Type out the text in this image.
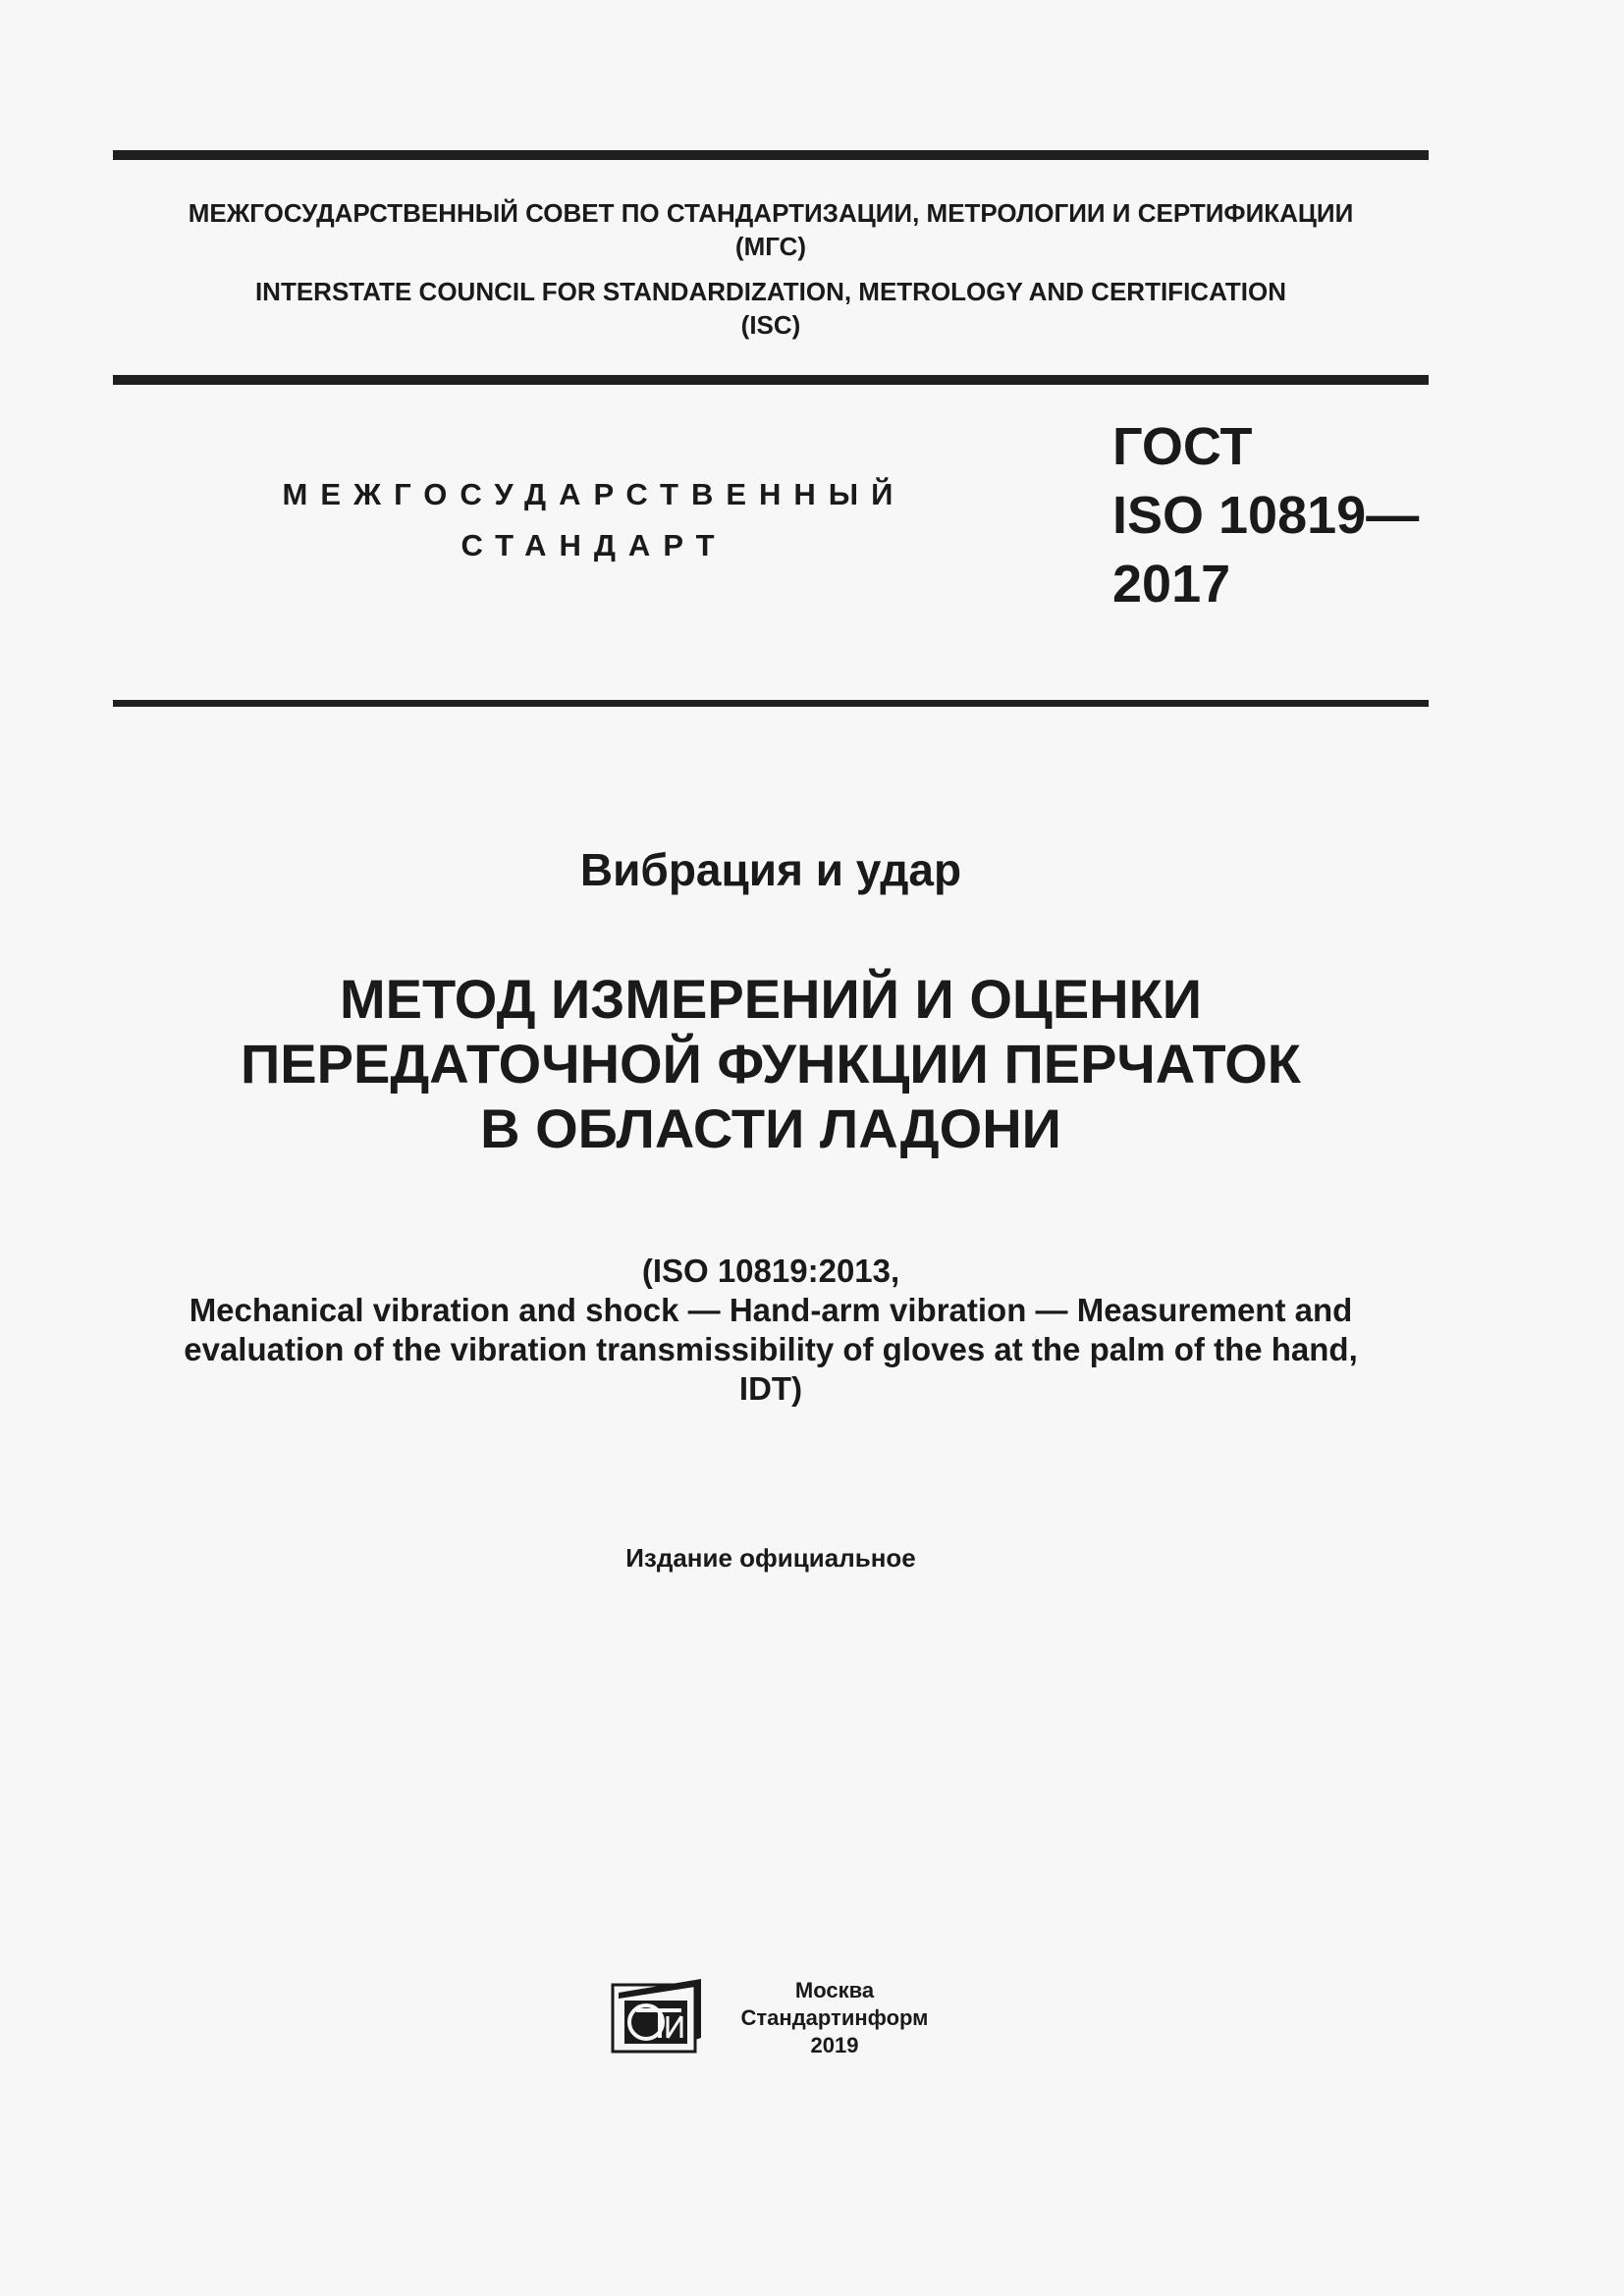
МЕЖГОСУДАРСТВЕННЫЙ СОВЕТ ПО СТАНДАРТИЗАЦИИ, МЕТРОЛОГИИ И СЕРТИФИКАЦИИ
(МГС)
INTERSTATE COUNCIL FOR STANDARDIZATION, METROLOGY AND CERTIFICATION
(ISC)
МЕЖГОСУДАРСТВЕННЫЙ
СТАНДАРТ
ГОСТ
ISO 10819—
2017
Вибрация и удар
МЕТОД ИЗМЕРЕНИЙ И ОЦЕНКИ
ПЕРЕДАТОЧНОЙ ФУНКЦИИ ПЕРЧАТОК
В ОБЛАСТИ ЛАДОНИ
(ISO 10819:2013,
Mechanical vibration and shock — Hand-arm vibration — Measurement and
evaluation of the vibration transmissibility of gloves at the palm of the hand,
IDT)
Издание официальное
Москва
Стандартинформ
2019
